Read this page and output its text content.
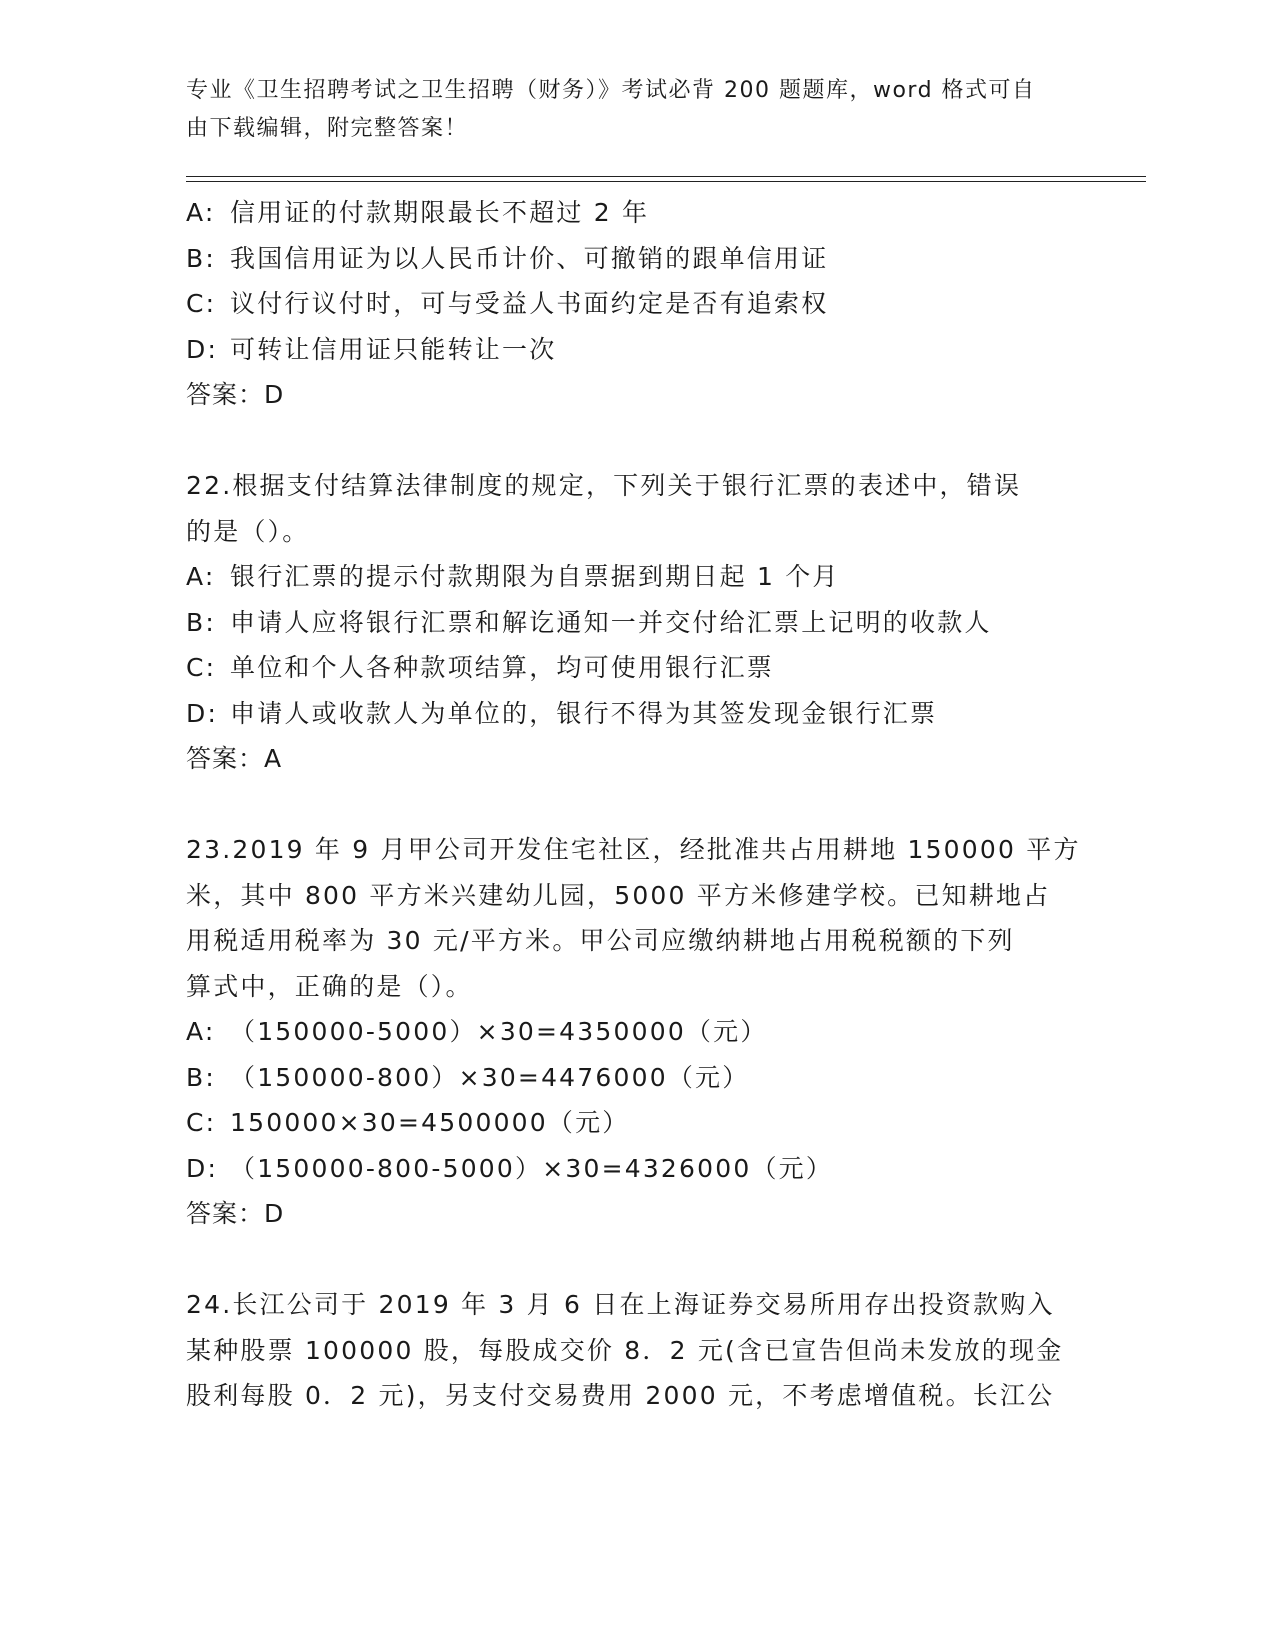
专业《卫生招聘考试之卫生招聘（财务）》考试必背 200 题题库，word 格式可自
由下载编辑，附完整答案！
A: 信用证的付款期限最长不超过 2 年
B: 我国信用证为以人民币计价、可撤销的跟单信用证
C: 议付行议付时，可与受益人书面约定是否有追索权
D: 可转让信用证只能转让一次
答案：D
22.根据支付结算法律制度的规定，下列关于银行汇票的表述中，错误
的是（）。
A: 银行汇票的提示付款期限为自票据到期日起 1 个月
B: 申请人应将银行汇票和解讫通知一并交付给汇票上记明的收款人
C: 单位和个人各种款项结算，均可使用银行汇票
D: 申请人或收款人为单位的，银行不得为其签发现金银行汇票
答案：A
23.2019 年 9 月甲公司开发住宅社区，经批准共占用耕地 150000 平方
米，其中 800 平方米兴建幼儿园，5000 平方米修建学校。已知耕地占
用税适用税率为 30 元/平方米。甲公司应缴纳耕地占用税税额的下列
算式中，正确的是（）。
A: （150000-5000）×30=4350000（元）
B: （150000-800）×30=4476000（元）
C: 150000×30=4500000（元）
D: （150000-800-5000）×30=4326000（元）
答案：D
24.长江公司于 2019 年 3 月 6 日在上海证券交易所用存出投资款购入
某种股票 100000 股，每股成交价 8．2 元(含已宣告但尚未发放的现金
股利每股 0．2 元)，另支付交易费用 2000 元，不考虑增值税。长江公
